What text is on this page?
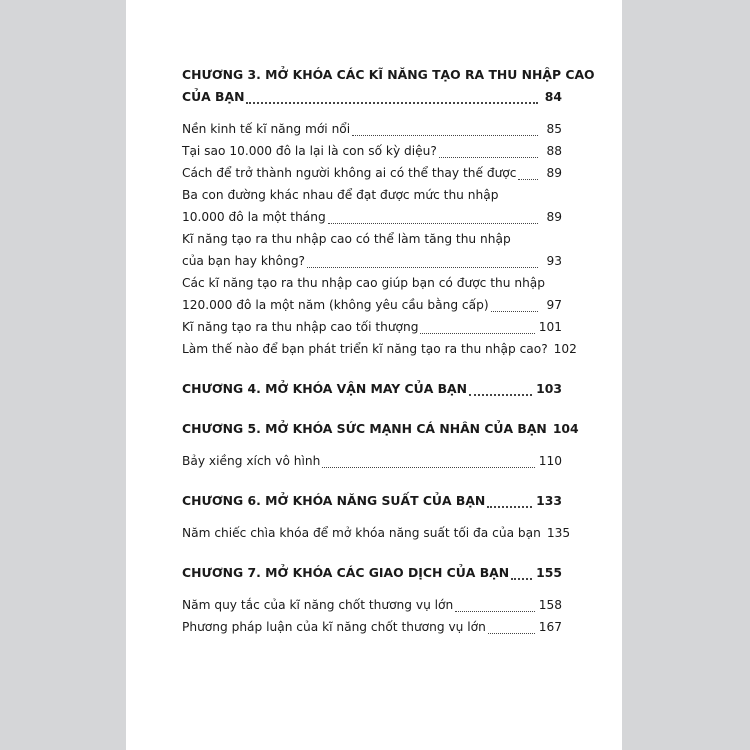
CHƯƠNG 3. MỞ KHÓA CÁC KĨ NĂNG TẠO RA THU NHẬP CAO
CỦA BẠN	84
Nền kinh tế kĩ năng mới nổi	85
Tại sao 10.000 đô la lại là con số kỳ diệu?	88
Cách để trở thành người không ai có thể thay thế được	89
Ba con đường khác nhau để đạt được mức thu nhập
10.000 đô la một tháng	89
Kĩ năng tạo ra thu nhập cao có thể làm tăng thu nhập
của bạn hay không?	93
Các kĩ năng tạo ra thu nhập cao giúp bạn có được thu nhập
120.000 đô la một năm (không yêu cầu bằng cấp)	97
Kĩ năng tạo ra thu nhập cao tối thượng	101
Làm thế nào để bạn phát triển kĩ năng tạo ra thu nhập cao? 102
CHƯƠNG 4. MỞ KHÓA VẬN MAY CỦA BẠN	103
CHƯƠNG 5. MỞ KHÓA SỨC MẠNH CÁ NHÂN CỦA BẠN 104
Bảy xiềng xích vô hình	110
CHƯƠNG 6. MỞ KHÓA NĂNG SUẤT CỦA BẠN	133
Năm chiếc chìa khóa để mở khóa năng suất tối đa của bạn 135
CHƯƠNG 7. MỞ KHÓA CÁC GIAO DỊCH CỦA BẠN 155
Năm quy tắc của kĩ năng chốt thương vụ lớn	158
Phương pháp luận của kĩ năng chốt thương vụ lớn	167
